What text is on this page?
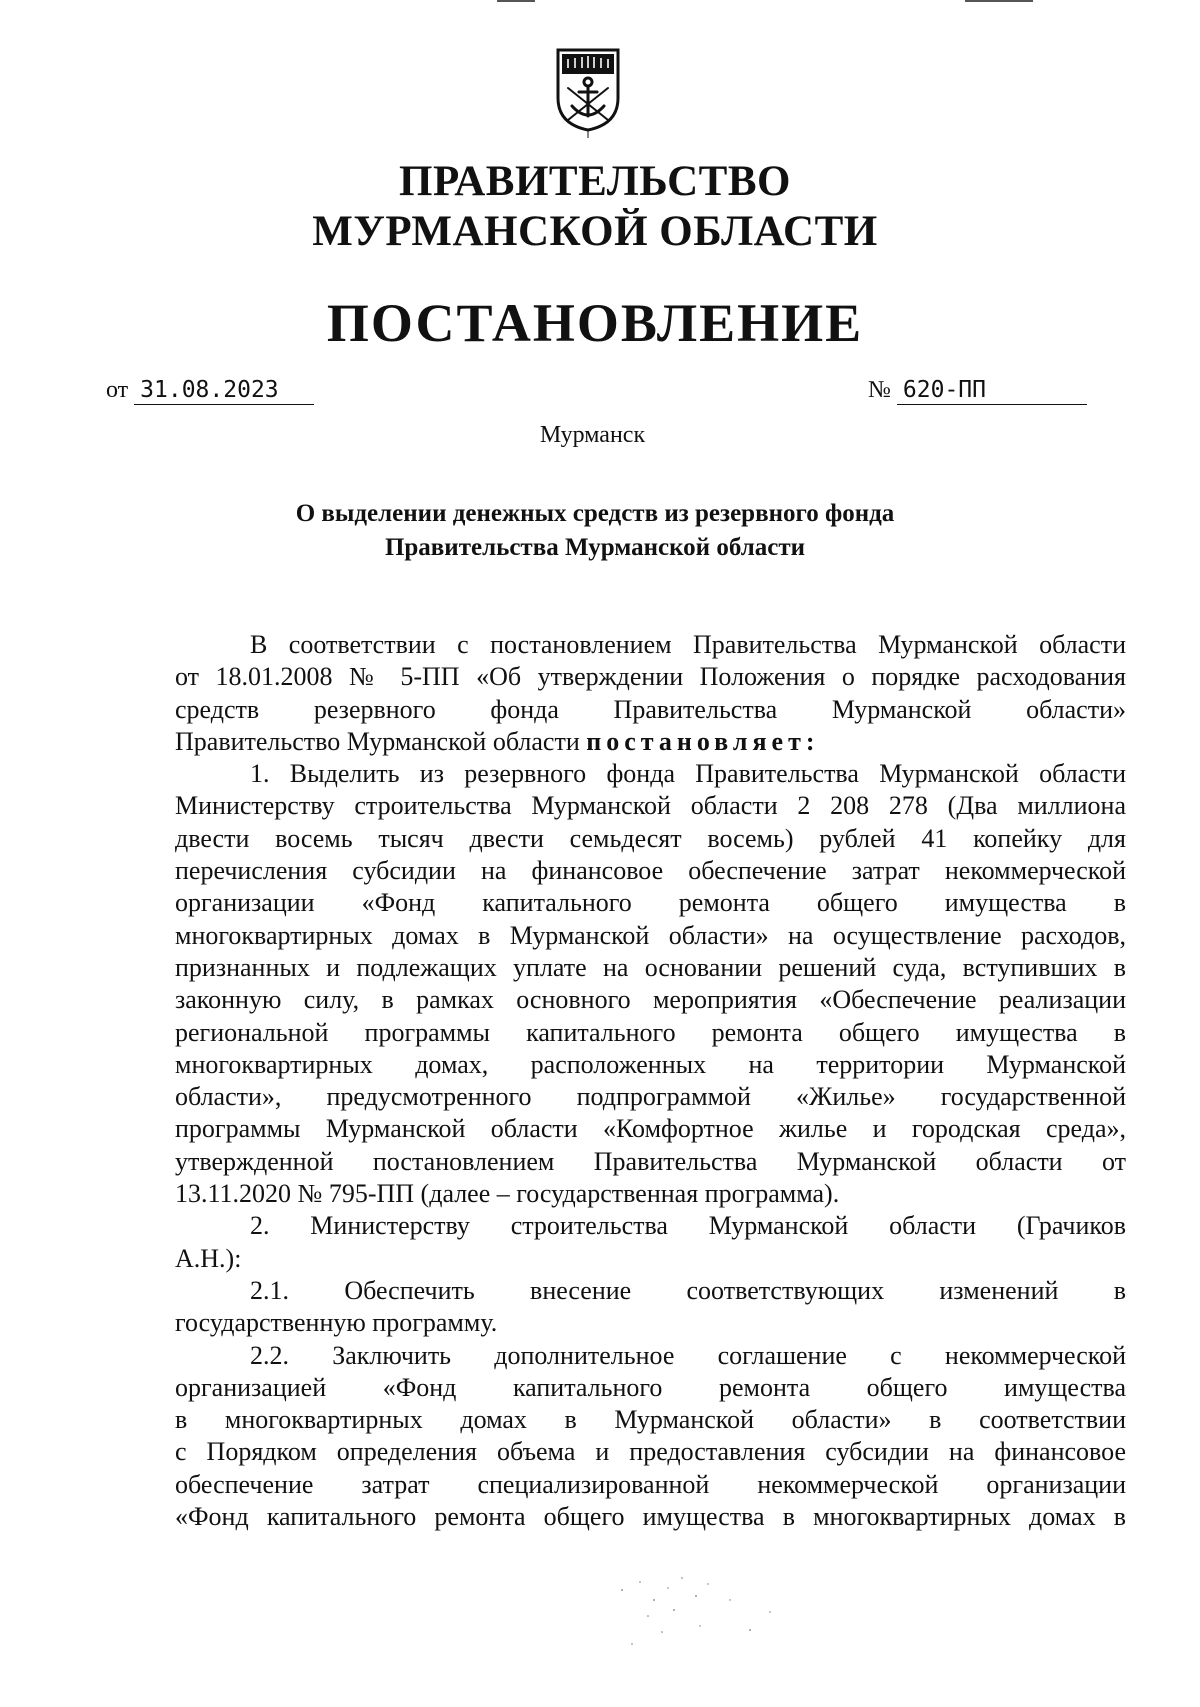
ПРАВИТЕЛЬСТВО
МУРМАНСКОЙ ОБЛАСТИ
ПОСТАНОВЛЕНИЕ
от 31.08.2023	№ 620-ПП
Мурманск
О выделении денежных средств из резервного фонда
Правительства Мурманской области
В соответствии с постановлением Правительства Мурманской области
от 18.01.2008 № 5-ПП «Об утверждении Положения о порядке расходования
средств резервного фонда Правительства Мурманской области»
Правительство Мурманской области постановляет:
1. Выделить из резервного фонда Правительства Мурманской области
Министерству строительства Мурманской области 2 208 278 (Два миллиона
двести восемь тысяч двести семьдесят восемь) рублей 41 копейку для
перечисления субсидии на финансовое обеспечение затрат некоммерческой
организации «Фонд капитального ремонта общего имущества в
многоквартирных домах в Мурманской области» на осуществление расходов,
признанных и подлежащих уплате на основании решений суда, вступивших в
законную силу, в рамках основного мероприятия «Обеспечение реализации
региональной программы капитального ремонта общего имущества в
многоквартирных домах, расположенных на территории Мурманской
области», предусмотренного подпрограммой «Жилье» государственной
программы Мурманской области «Комфортное жилье и городская среда»,
утвержденной постановлением Правительства Мурманской области от
13.11.2020 № 795-ПП (далее – государственная программа).
2. Министерству строительства Мурманской области (Грачиков
А.Н.):
2.1. Обеспечить внесение соответствующих изменений в
государственную программу.
2.2. Заключить дополнительное соглашение с некоммерческой
организацией «Фонд капитального ремонта общего имущества
в многоквартирных домах в Мурманской области» в соответствии
с Порядком определения объема и предоставления субсидии на финансовое
обеспечение затрат специализированной некоммерческой организации
«Фонд капитального ремонта общего имущества в многоквартирных домах в
